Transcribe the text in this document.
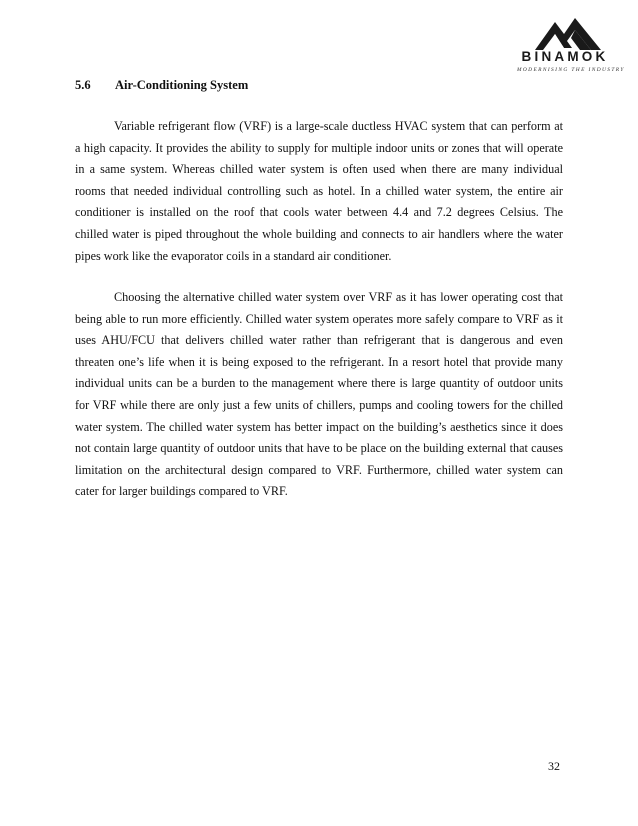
BINAMOK
MODERNISING THE INDUSTRY
5.6 Air-Conditioning System

Variable refrigerant flow (VRF) is a large-scale ductless HVAC system that can perform at a high capacity. It provides the ability to supply for multiple indoor units or zones that will operate in a same system. Whereas chilled water system is often used when there are many individual rooms that needed individual controlling such as hotel. In a chilled water system, the entire air conditioner is installed on the roof that cools water between 4.4 and 7.2 degrees Celsius. The chilled water is piped throughout the whole building and connects to air handlers where the water pipes work like the evaporator coils in a standard air conditioner.

Choosing the alternative chilled water system over VRF as it has lower operating cost that being able to run more efficiently. Chilled water system operates more safely compare to VRF as it uses AHU/FCU that delivers chilled water rather than refrigerant that is dangerous and even threaten one’s life when it is being exposed to the refrigerant. In a resort hotel that provide many individual units can be a burden to the management where there is large quantity of outdoor units for VRF while there are only just a few units of chillers, pumps and cooling towers for the chilled water system. The chilled water system has better impact on the building’s aesthetics since it does not contain large quantity of outdoor units that have to be place on the building external that causes limitation on the architectural design compared to VRF. Furthermore, chilled water system can cater for larger buildings compared to VRF.

32
